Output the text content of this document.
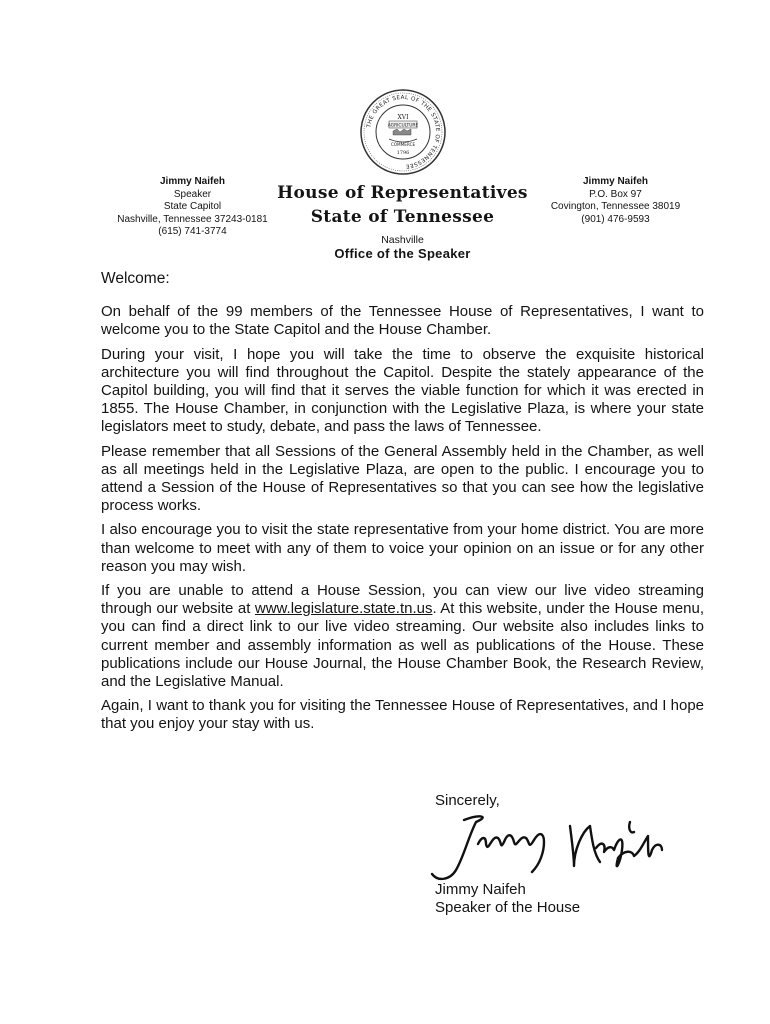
THE GREAT SEAL OF THE STATE OF TENNESSEE
XVI
AGRICULTURE
COMMERCE
1796
Jimmy Naifeh
Speaker
State Capitol
Nashville, Tennessee 37243-0181
(615) 741-3774
Jimmy Naifeh
P.O. Box 97
Covington, Tennessee 38019
(901) 476-9593
House of Representatives
State of Tennessee
Nashville
Office of the Speaker

Welcome:

On behalf of the 99 members of the Tennessee House of Representatives, I want to welcome you to the State Capitol and the House Chamber.

During your visit, I hope you will take the time to observe the exquisite historical architecture you will find throughout the Capitol. Despite the stately appearance of the Capitol building, you will find that it serves the viable function for which it was erected in 1855. The House Chamber, in conjunction with the Legislative Plaza, is where your state legislators meet to study, debate, and pass the laws of Tennessee.

Please remember that all Sessions of the General Assembly held in the Chamber, as well as all meetings held in the Legislative Plaza, are open to the public. I encourage you to attend a Session of the House of Representatives so that you can see how the legislative process works.

I also encourage you to visit the state representative from your home district. You are more than welcome to meet with any of them to voice your opinion on an issue or for any other reason you may wish.

If you are unable to attend a House Session, you can view our live video streaming through our website at www.legislature.state.tn.us. At this website, under the House menu, you can find a direct link to our live video streaming. Our website also includes links to current member and assembly information as well as publications of the House. These publications include our House Journal, the House Chamber Book, the Research Review, and the Legislative Manual.

Again, I want to thank you for visiting the Tennessee House of Representatives, and I hope that you enjoy your stay with us.

Sincerely,
Jimmy Naifeh
Speaker of the House
